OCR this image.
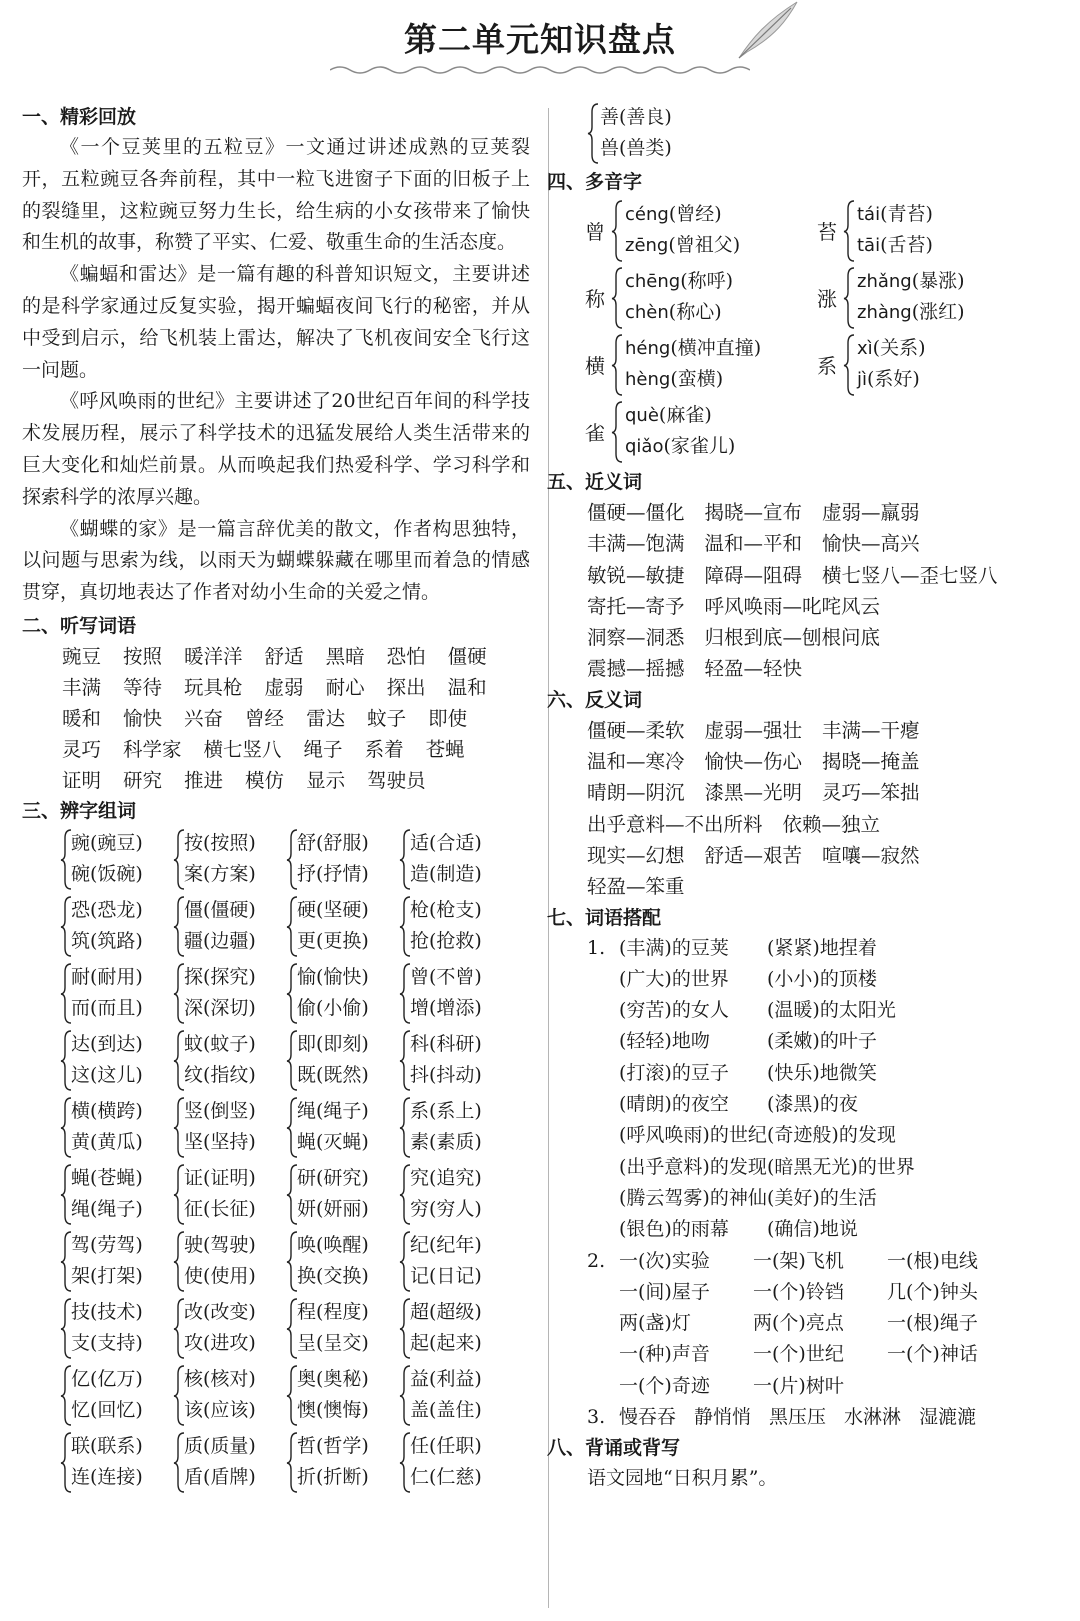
第二单元知识盘点
一、精彩回放

《一个豆荚里的五粒豆》一文通过讲述成熟的豆荚裂开，五粒豌豆各奔前程，其中一粒飞进窗子下面的旧板子上的裂缝里，这粒豌豆努力生长，给生病的小女孩带来了愉快和生机的故事，称赞了平实、仁爱、敬重生命的生活态度。

《蝙蝠和雷达》是一篇有趣的科普知识短文，主要讲述的是科学家通过反复实验，揭开蝙蝠夜间飞行的秘密，并从中受到启示，给飞机装上雷达，解决了飞机夜间安全飞行这一问题。

《呼风唤雨的世纪》主要讲述了20世纪百年间的科学技术发展历程，展示了科学技术的迅猛发展给人类生活带来的巨大变化和灿烂前景。从而唤起我们热爱科学、学习科学和探索科学的浓厚兴趣。

《蝴蝶的家》是一篇言辞优美的散文，作者构思独特，以问题与思索为线，以雨天为蝴蝶躲藏在哪里而着急的情感贯穿，真切地表达了作者对幼小生命的关爱之情。

二、听写词语
豌豆 按照 暖洋洋 舒适 黑暗 恐怕 僵硬
丰满 等待 玩具枪 虚弱 耐心 探出 温和
暖和 愉快 兴奋 曾经 雷达 蚊子 即使
灵巧 科学家 横七竖八 绳子 系着 苍蝇
证明 研究 推进 模仿 显示 驾驶员
三、辨字组词
豌(豌豆)
碗(饭碗)
按(按照)
案(方案)
舒(舒服)
抒(抒情)
适(合适)
造(制造)
恐(恐龙)
筑(筑路)
僵(僵硬)
疆(边疆)
硬(坚硬)
更(更换)
枪(枪支)
抢(抢救)
耐(耐用)
而(而且)
探(探究)
深(深切)
愉(愉快)
偷(小偷)
曾(不曾)
增(增添)
达(到达)
这(这儿)
蚊(蚊子)
纹(指纹)
即(即刻)
既(既然)
科(科研)
抖(抖动)
横(横跨)
黄(黄瓜)
竖(倒竖)
坚(坚持)
绳(绳子)
蝇(灭蝇)
系(系上)
素(素质)
蝇(苍蝇)
绳(绳子)
证(证明)
征(长征)
研(研究)
妍(妍丽)
究(追究)
穷(穷人)
驾(劳驾)
架(打架)
驶(驾驶)
使(使用)
唤(唤醒)
换(交换)
纪(纪年)
记(日记)
技(技术)
支(支持)
改(改变)
攻(进攻)
程(程度)
呈(呈交)
超(超级)
起(起来)
亿(亿万)
忆(回忆)
核(核对)
该(应该)
奥(奥秘)
懊(懊悔)
益(利益)
盖(盖住)
联(联系)
连(连接)
质(质量)
盾(盾牌)
哲(哲学)
折(折断)
任(任职)
仁(仁慈)
善(善良)
兽(兽类)
四、多音字
曾
céng(曾经)
zēng(曾祖父)
苔
tái(青苔)
tāi(舌苔)
称
chēng(称呼)
chèn(称心)
涨
zhǎng(暴涨)
zhàng(涨红)
横
héng(横冲直撞)
hèng(蛮横)
系
xì(关系)
jì(系好)
雀
què(麻雀)
qiǎo(家雀儿)
五、近义词
僵硬—僵化 揭晓—宣布 虚弱—羸弱
丰满—饱满 温和—平和 愉快—高兴
敏锐—敏捷 障碍—阻碍 横七竖八—歪七竖八
寄托—寄予 呼风唤雨—叱咤风云
洞察—洞悉 归根到底—刨根问底
震撼—摇撼 轻盈—轻快
六、反义词
僵硬—柔软 虚弱—强壮 丰满—干瘪
温和—寒冷 愉快—伤心 揭晓—掩盖
晴朗—阴沉 漆黑—光明 灵巧—笨拙
出乎意料—不出所料 依赖—独立
现实—幻想 舒适—艰苦 喧嚷—寂然
轻盈—笨重
七、词语搭配
1. (丰满)的豆荚 (紧紧)地捏着
(广大)的世界 (小小)的顶楼
(穷苦)的女人 (温暖)的太阳光
(轻轻)地吻	(柔嫩)的叶子
(打滚)的豆子 (快乐)地微笑
(晴朗)的夜空 (漆黑)的夜
(呼风唤雨)的世纪(奇迹般)的发现
(出乎意料)的发现(暗黑无光)的世界
(腾云驾雾)的神仙(美好)的生活
(银色)的雨幕 (确信)地说
2. 一(次)实验 一(架)飞机 一(根)电线
一(间)屋子 一(个)铃铛 几(个)钟头
两(盏)灯	两(个)亮点 一(根)绳子
一(种)声音 一(个)世纪 一(个)神话
一(个)奇迹 一(片)树叶
3. 慢吞吞 静悄悄 黑压压 水淋淋 湿漉漉
八、背诵或背写
语文园地“日积月累”。
